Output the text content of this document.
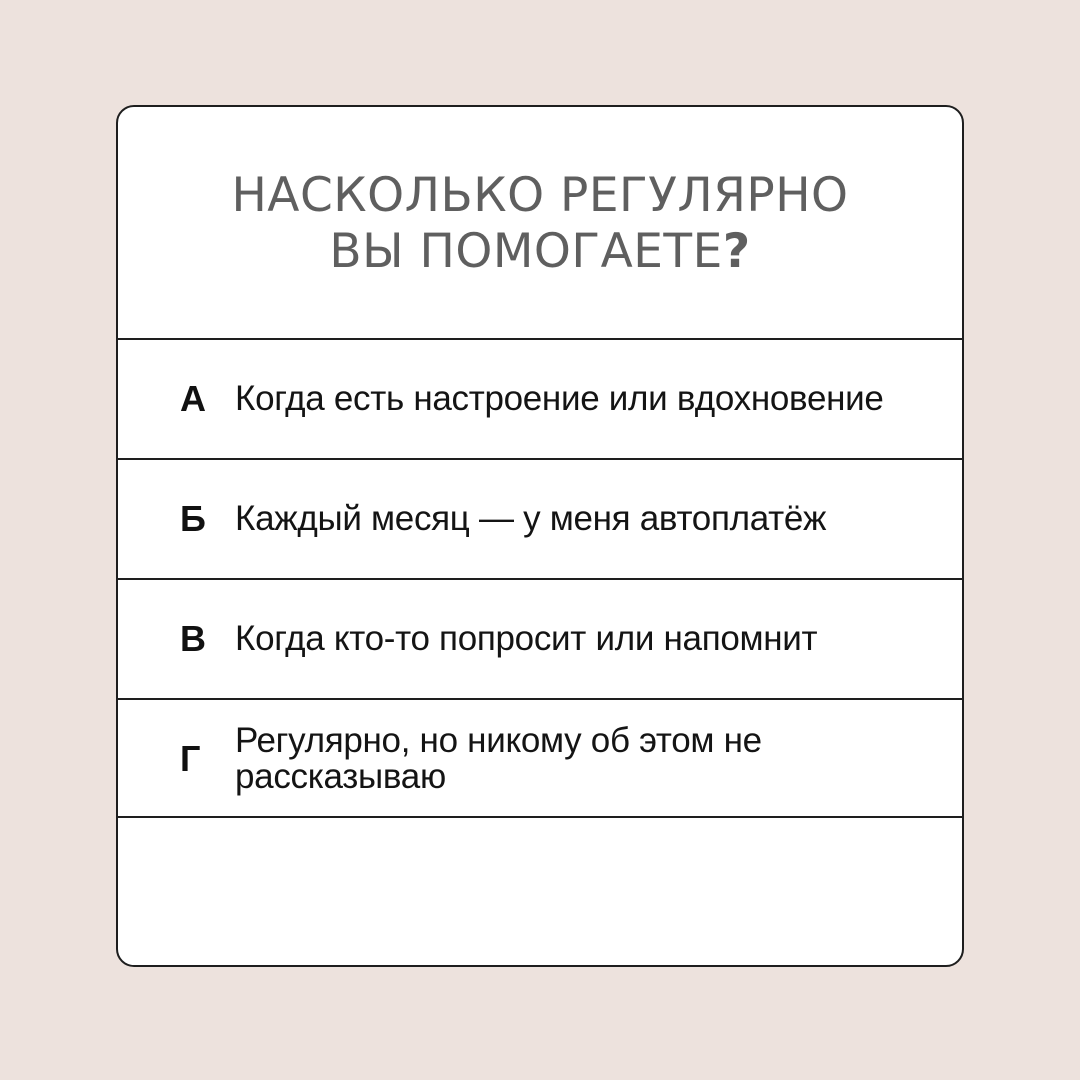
НАСКОЛЬКО РЕГУЛЯРНО
ВЫ ПОМОГАЕТЕ?
А Когда есть настроение или вдохновение
Б Каждый месяц — у меня автоплатёж
В Когда кто-то попросит или напомнит
Г Регулярно, но никому об этом не рассказываю
